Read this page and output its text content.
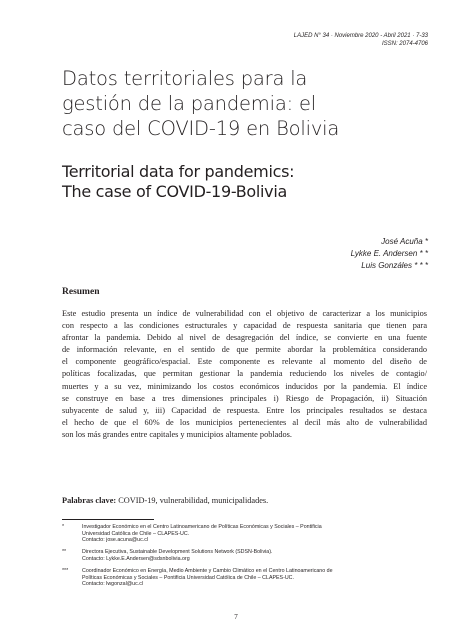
LAJED N° 34 · Noviembre 2020 - Abril 2021 · 7-33
ISSN: 2074-4706
Datos territoriales para la
gestión de la pandemia: el
caso del COVID-19 en Bolivia
Territorial data for pandemics:
The case of COVID-19-Bolivia
José Acuña *
Lykke E. Andersen * *
Luis Gonzáles * * *
Resumen
Este estudio presenta un índice de vulnerabilidad con el objetivo de caracterizar a los municipios
con respecto a las condiciones estructurales y capacidad de respuesta sanitaria que tienen para
afrontar la pandemia. Debido al nivel de desagregación del índice, se convierte en una fuente
de información relevante, en el sentido de que permite abordar la problemática considerando
el componente geográfico/espacial. Este componente es relevante al momento del diseño de
políticas focalizadas, que permitan gestionar la pandemia reduciendo los niveles de contagio/
muertes y a su vez, minimizando los costos económicos inducidos por la pandemia. El índice
se construye en base a tres dimensiones principales i) Riesgo de Propagación, ii) Situación
subyacente de salud y, iii) Capacidad de respuesta. Entre los principales resultados se destaca
el hecho de que el 60% de los municipios pertenecientes al decil más alto de vulnerabilidad
son los más grandes entre capitales y municipios altamente poblados.
Palabras clave: COVID-19, vulnerabilidad, municipalidades.
*	Investigador Económico en el Centro Latinoamericano de Políticas Económicas y Sociales – Pontificia
Universidad Católica de Chile – CLAPES-UC.
Contacto: jose.acuna@uc.cl
**	Directora Ejecutiva, Sustainable Development Solutions Network (SDSN-Bolivia).
Contacto: Lykke.E.Andersen@sdsnbolivia.org
***	Coordinador Económico en Energía, Medio Ambiente y Cambio Climático en el Centro Latinoamericano de
Políticas Económicas y Sociales – Pontificia Universidad Católica de Chile – CLAPES-UC.
Contacto: lwgonzal@uc.cl
7
